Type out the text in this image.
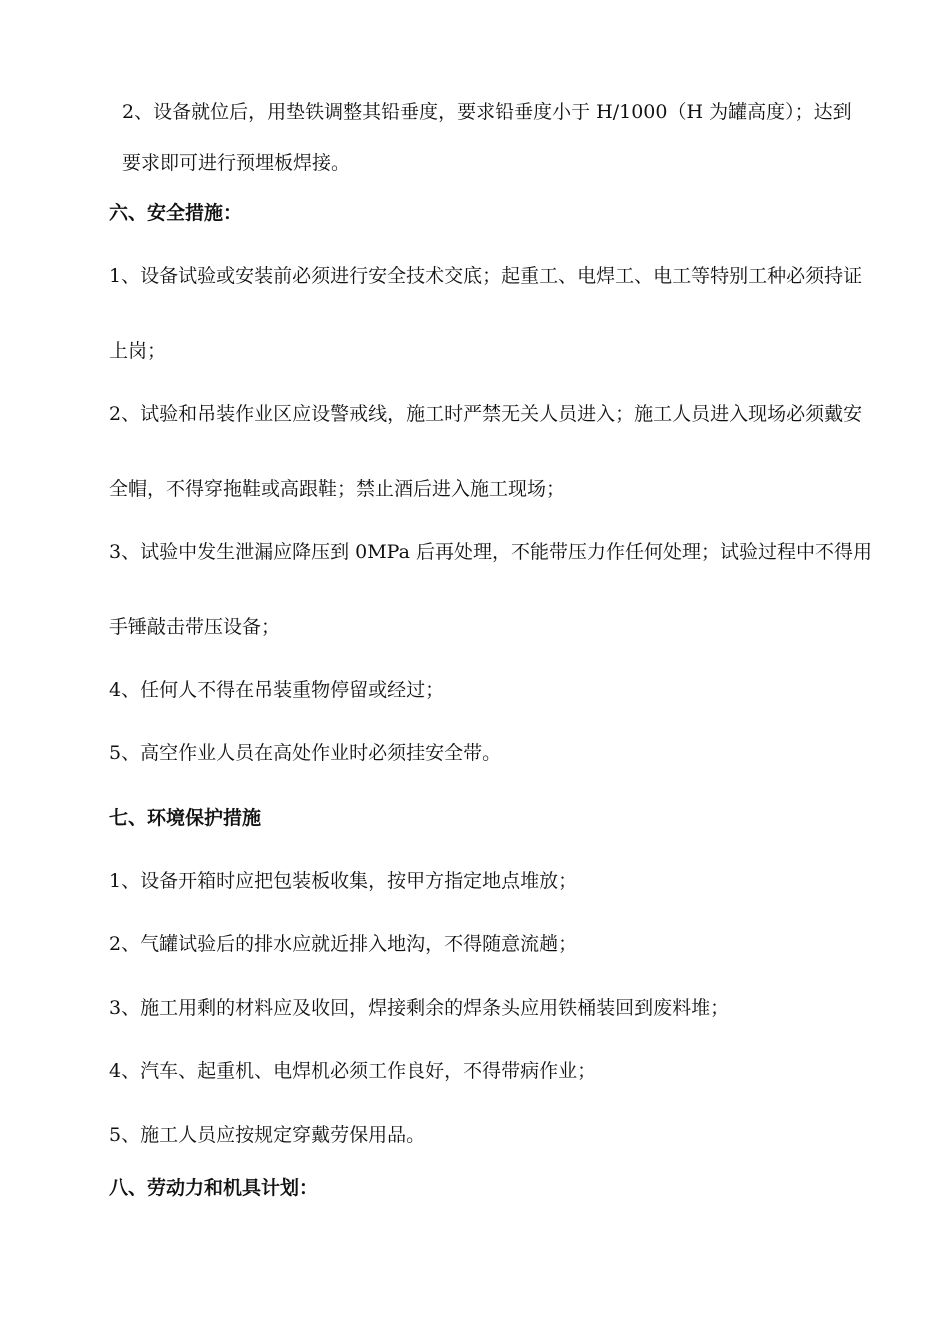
2、设备就位后，用垫铁调整其铅垂度，要求铅垂度小于 H/1000（H 为罐高度）；达到
要求即可进行预埋板焊接。
六、安全措施：
1、设备试验或安装前必须进行安全技术交底；起重工、电焊工、电工等特别工种必须持证
上岗；
2、试验和吊装作业区应设警戒线，施工时严禁无关人员进入；施工人员进入现场必须戴安
全帽，不得穿拖鞋或高跟鞋；禁止酒后进入施工现场；
3、试验中发生泄漏应降压到 0MPa 后再处理，不能带压力作任何处理；试验过程中不得用
手锤敲击带压设备；
4、任何人不得在吊装重物停留或经过；
5、高空作业人员在高处作业时必须挂安全带。
七、环境保护措施
1、设备开箱时应把包装板收集，按甲方指定地点堆放；
2、气罐试验后的排水应就近排入地沟，不得随意流趟；
3、施工用剩的材料应及收回，焊接剩余的焊条头应用铁桶装回到废料堆；
4、汽车、起重机、电焊机必须工作良好，不得带病作业；
5、施工人员应按规定穿戴劳保用品。
八、劳动力和机具计划：
